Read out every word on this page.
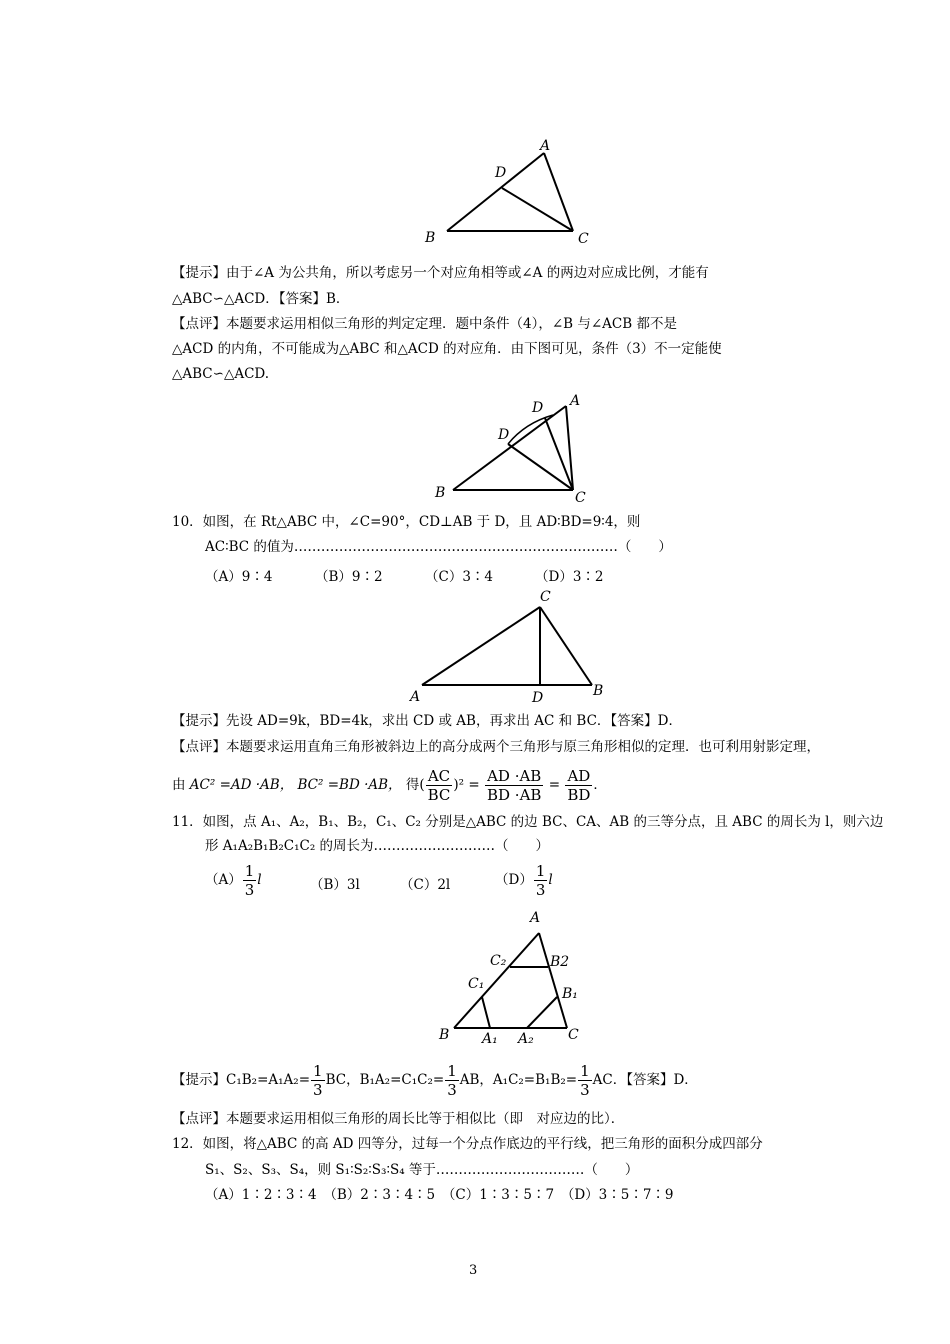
A
D
B	C
【提示】由于∠A 为公共角，所以考虑另一个对应角相等或∠A 的两边对应成比例，才能有
△ABC∽△ACD．【答案】B．
【点评】本题要求运用相似三角形的判定定理．题中条件（4），∠B 与∠ACB 都不是
△ACD 的内角，不可能成为△ABC 和△ACD 的对应角．由下图可见，条件（3）不一定能使
△ABC∽△ACD.
A
D
D
B	C
10．如图，在 Rt△ABC 中，∠C=90°，CD⊥AB 于 D，且 AD∶BD=9∶4，则
AC∶BC 的值为………………………………………………………………（　　）
（A）9∶4	（B）9∶2	（C）3∶4	（D）3∶2
C
A	D	B
【提示】先设 AD=9k，BD=4k，求出 CD 或 AB，再求出 AC 和 BC．【答案】D．
【点评】本题要求运用直角三角形被斜边上的高分成两个三角形与原三角形相似的定理．也可利用射影定理，
由 AC² =AD ·AB， BC² =BD ·AB， 得( $\frac{AC}{BC} )^2 = \frac{AD \cdot AB}{BD \cdot AB} = \frac{AD}{BD}$ ．
11．如图，点 A₁、A₂，B₁、B₂，C₁、C₂ 分别是△ABC 的边 BC、CA、AB 的三等分点，且 ABC 的周长为 l，则六边
形 A₁A₂B₁B₂C₁C₂ 的周长为………………………（　　）
$(A) \frac{1}{3}$ l	（B）3l	（C）2l	$(D) \frac{1}{3}$ l
A
C₂	B2
C₁
B₁
B A₁ A₂ C
【提示】$C_1B_2=A_1A_2= \frac{1}{3}$ BC，$B_1A_2=C_1C_2= \frac{1}{3}$ AB，$A_1C_2=B_1B_2= \frac{1}{3}$ AC．【答案】D．
【点评】本题要求运用相似三角形的周长比等于相似比（即　对应边的比）．
12．如图，将△ABC 的高 AD 四等分，过每一个分点作底边的平行线，把三角形的面积分成四部分
S₁、S₂、S₃、S₄，则 S₁∶S₂∶S₃∶S₄ 等于……………………………（　　）
（A）1∶2∶3∶4　（B）2∶3∶4∶5　（C）1∶3∶5∶7　（D）3∶5∶7∶9
3
